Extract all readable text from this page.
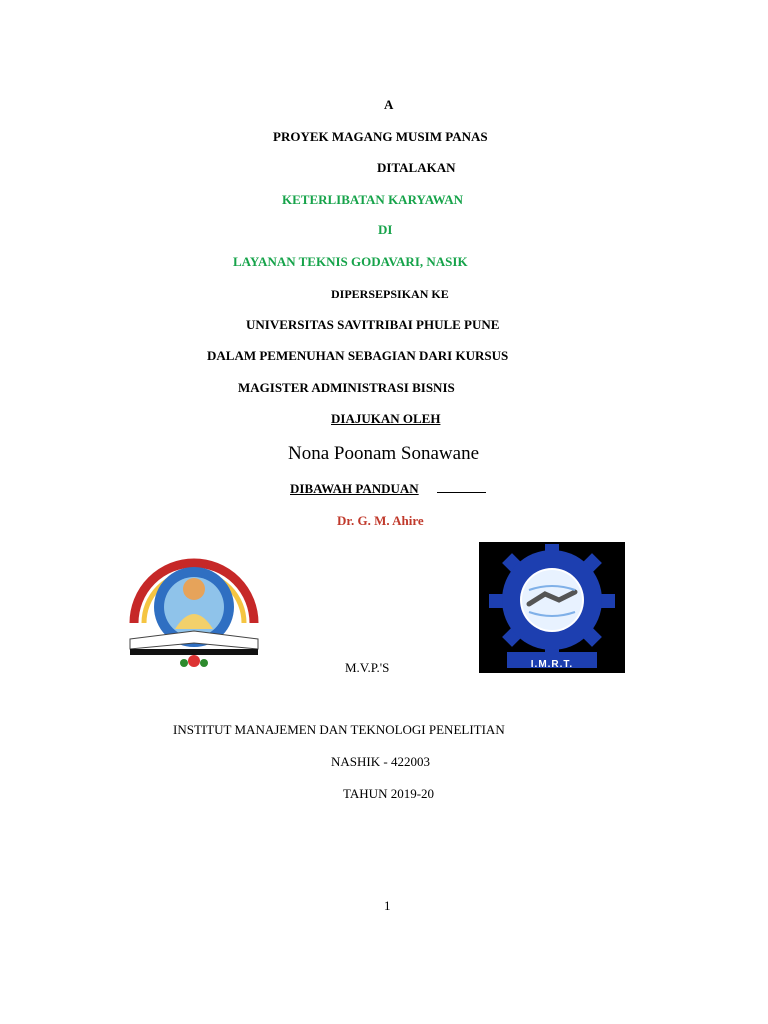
A
PROYEK MAGANG MUSIM PANAS
DITALAKAN
KETERLIBATAN KARYAWAN
DI
LAYANAN TEKNIS GODAVARI, NASIK
DIPERSEPSIKAN KE
UNIVERSITAS SAVITRIBAI PHULE PUNE
DALAM PEMENUHAN SEBAGIAN DARI KURSUS
MAGISTER ADMINISTRASI BISNIS
DIAJUKAN OLEH
Nona Poonam Sonawane
DIBAWAH PANDUAN
Dr. G. M. Ahire
I.M.R.T.
M.V.P.'S
INSTITUT MANAJEMEN DAN TEKNOLOGI PENELITIAN
NASHIK - 422003
TAHUN 2019-20
1
